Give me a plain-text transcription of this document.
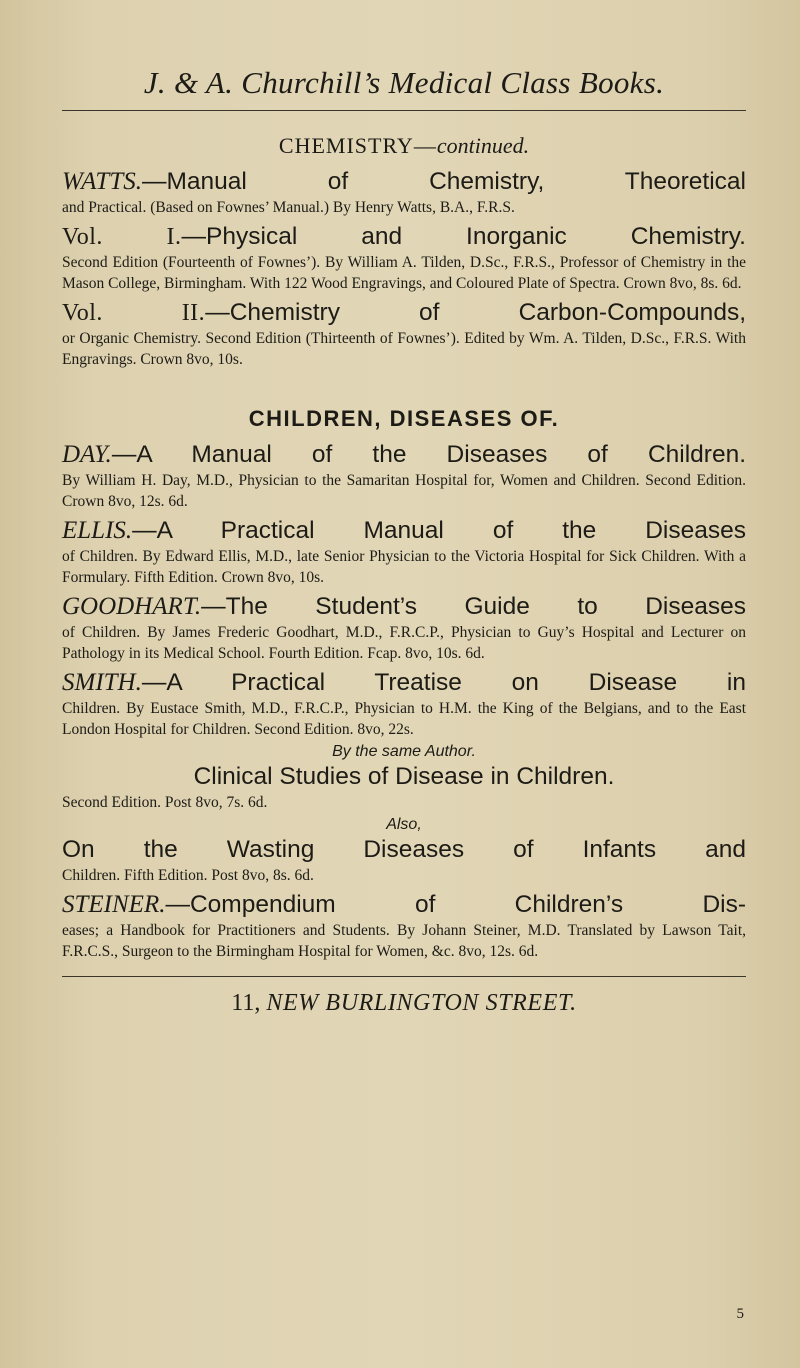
J. & A. Churchill’s Medical Class Books.
CHEMISTRY—continued.
WATTS.—Manual of Chemistry, Theoretical
and Practical. (Based on Fownes’ Manual.) By Henry Watts, B.A., F.R.S.
Vol. I.—Physical and Inorganic Chemistry.
Second Edition (Fourteenth of Fownes’). By William A. Tilden, D.Sc., F.R.S., Professor of Chemistry in the Mason College, Birmingham. With 122 Wood Engravings, and Coloured Plate of Spectra. Crown 8vo, 8s. 6d.
Vol. II.—Chemistry of Carbon-Compounds,
or Organic Chemistry. Second Edition (Thirteenth of Fownes’). Edited by Wm. A. Tilden, D.Sc., F.R.S. With Engravings. Crown 8vo, 10s.
CHILDREN, DISEASES OF.
DAY.—A Manual of the Diseases of Children.
By William H. Day, M.D., Physician to the Samaritan Hospital for, Women and Children. Second Edition. Crown 8vo, 12s. 6d.
ELLIS.—A Practical Manual of the Diseases
of Children. By Edward Ellis, M.D., late Senior Physician to the Victoria Hospital for Sick Children. With a Formulary. Fifth Edition. Crown 8vo, 10s.
GOODHART.—The Student’s Guide to Diseases
of Children. By James Frederic Goodhart, M.D., F.R.C.P., Physician to Guy’s Hospital and Lecturer on Pathology in its Medical School. Fourth Edition. Fcap. 8vo, 10s. 6d.
SMITH.—A Practical Treatise on Disease in
Children. By Eustace Smith, M.D., F.R.C.P., Physician to H.M. the King of the Belgians, and to the East London Hospital for Children. Second Edition. 8vo, 22s.
By the same Author.
Clinical Studies of Disease in Children.
Second Edition. Post 8vo, 7s. 6d.
Also,
On the Wasting Diseases of Infants and
Children. Fifth Edition. Post 8vo, 8s. 6d.
STEINER.—Compendium of Children’s Dis-
eases; a Handbook for Practitioners and Students. By Johann Steiner, M.D. Translated by Lawson Tait, F.R.C.S., Surgeon to the Birmingham Hospital for Women, &c. 8vo, 12s. 6d.
11, NEW BURLINGTON STREET.
5
